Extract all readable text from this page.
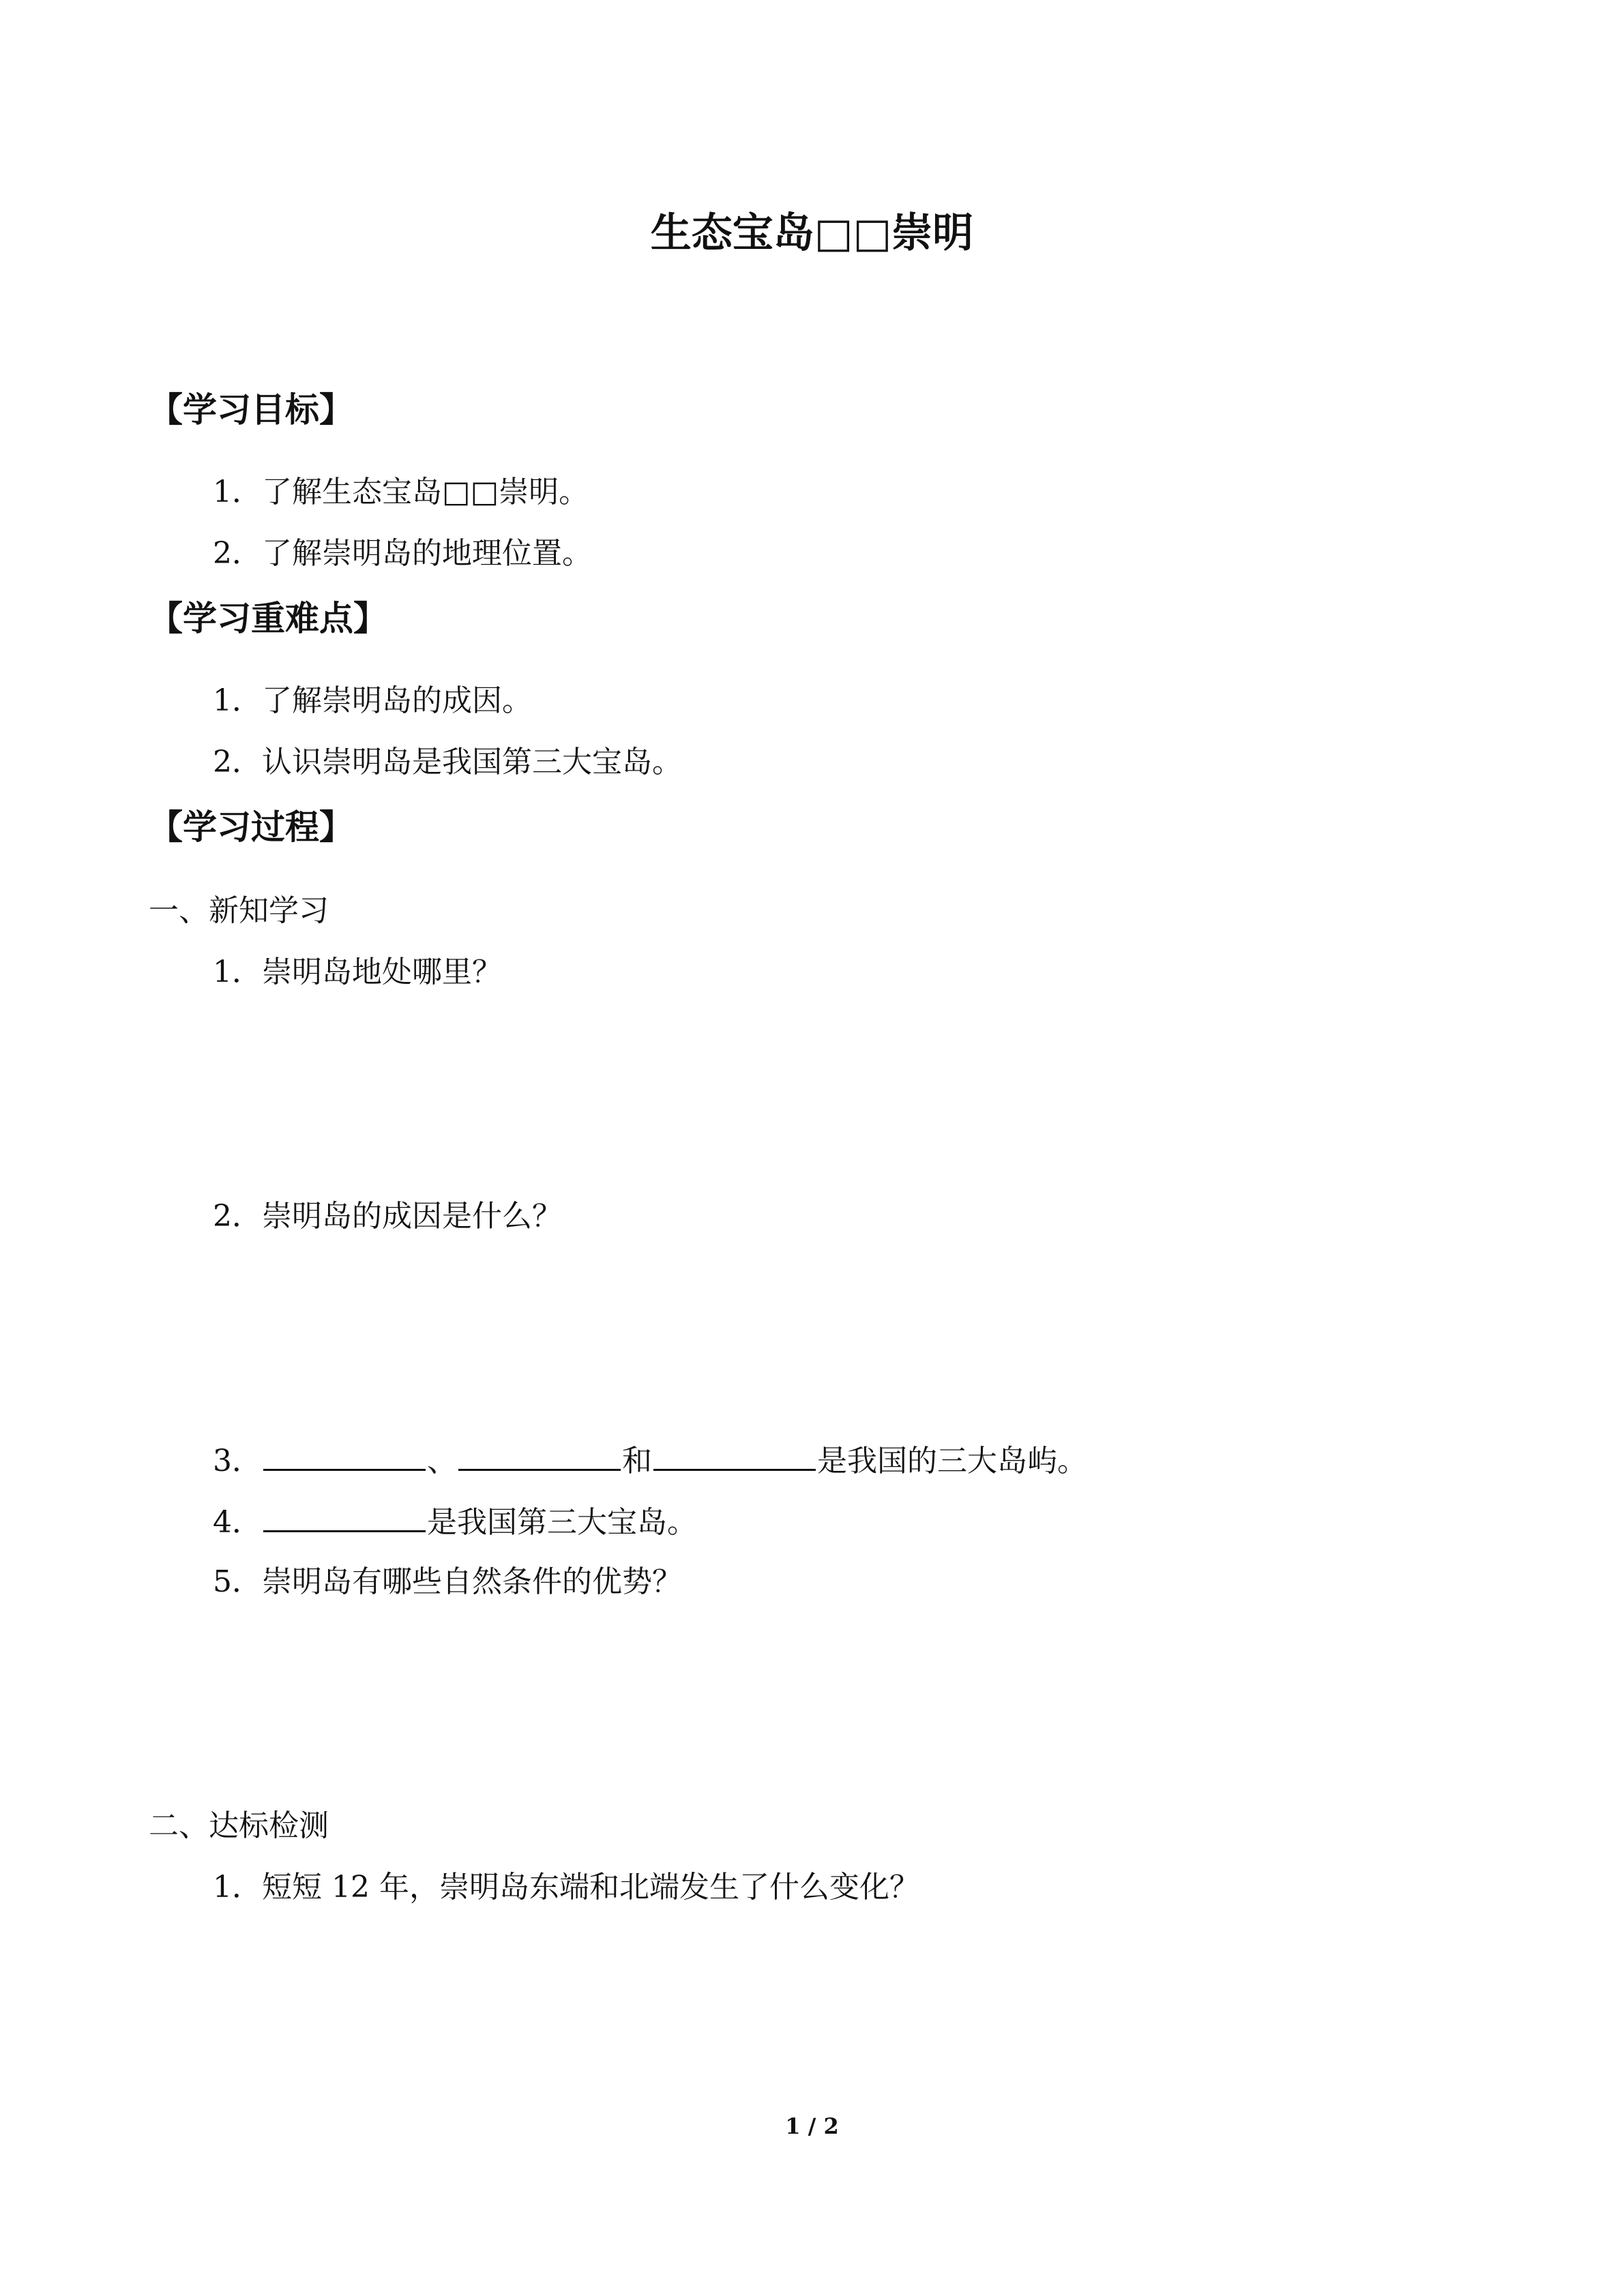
生态宝岛□□崇明
【学习目标】
1．了解生态宝岛□□崇明。
2．了解崇明岛的地理位置。
【学习重难点】
1．了解崇明岛的成因。
2．认识崇明岛是我国第三大宝岛。
【学习过程】
一、新知学习
1．崇明岛地处哪里？
2．崇明岛的成因是什么？
3．	、	和	是我国的三大岛屿。
4．	是我国第三大宝岛。
5．崇明岛有哪些自然条件的优势？
二、达标检测
1．短短 12 年，崇明岛东端和北端发生了什么变化？
1 / 2
